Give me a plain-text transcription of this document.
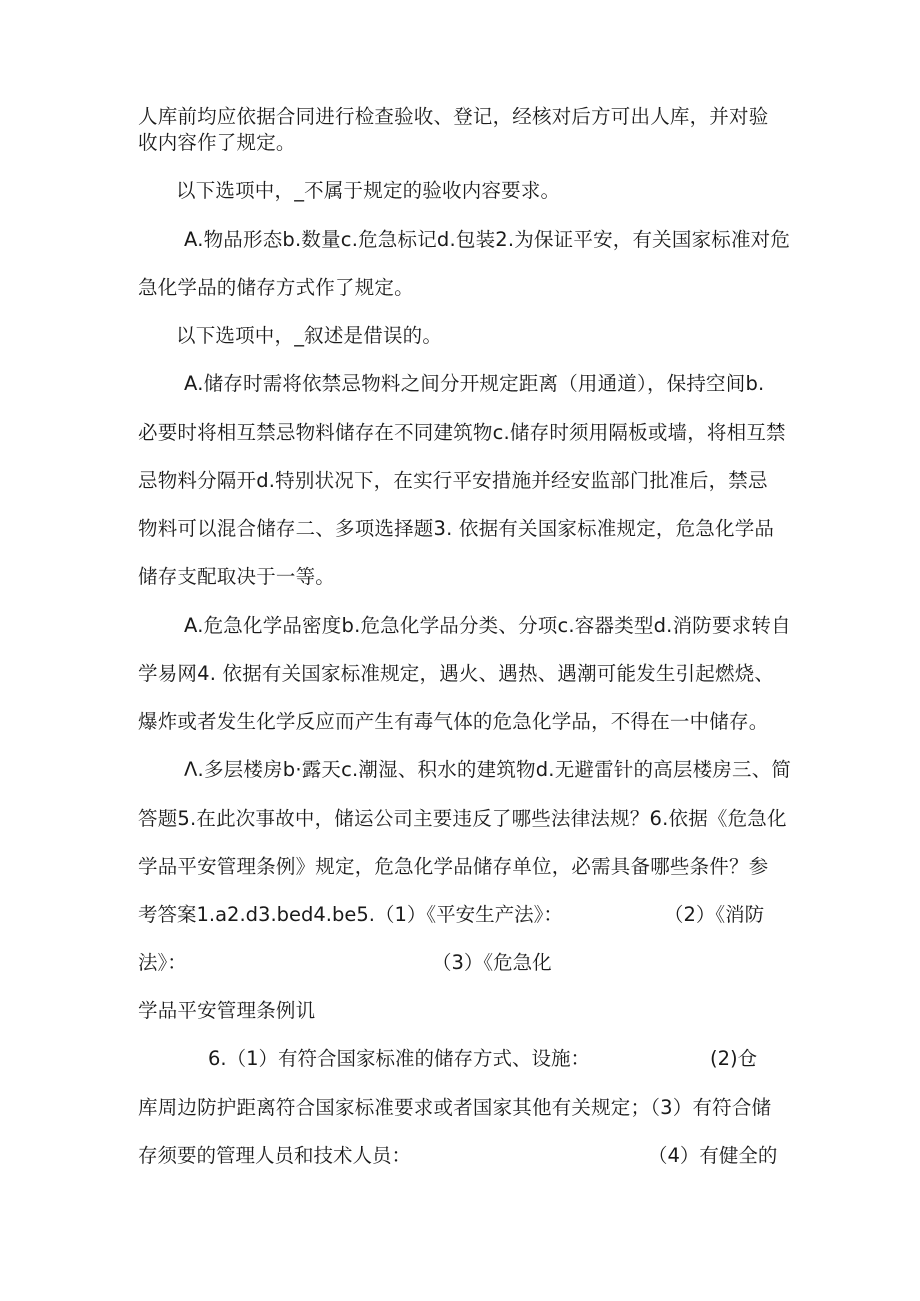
人库前均应依据合同进行检查验收、登记，经核对后方可出人库，并对验
收内容作了规定。
以下选项中，_不属于规定的验收内容要求。
A.物品形态b.数量c.危急标记d.包装2.为保证平安，有关国家标准对危
急化学品的储存方式作了规定。
以下选项中，_叙述是借误的。
A.储存时需将依禁忌物料之间分开规定距离（用通道），保持空间b.
必要时将相互禁忌物料储存在不同建筑物c.储存时须用隔板或墙，将相互禁
忌物料分隔开d.特别状况下，在实行平安措施并经安监部门批准后，禁忌
物料可以混合储存二、多项选择题3. 依据有关国家标准规定，危急化学品
储存支配取决于一等。
A.危急化学品密度b.危急化学品分类、分项c.容器类型d.消防要求转自
学易网4. 依据有关国家标准规定，遇火、遇热、遇潮可能发生引起燃烧、
爆炸或者发生化学反应而产生有毒气体的危急化学品，不得在一中储存。
Λ.多层楼房b·露天c.潮湿、积水的建筑物d.无避雷针的高层楼房三、简
答题5.在此次事故中，储运公司主要违反了哪些法律法规？6.依据《危急化
学品平安管理条例》规定，危急化学品储存单位，必需具备哪些条件？参
考答案1.a2.d3.bed4.be5.（1）《平安生产法》：	（2）《消防
法》：	（3）《危急化
学品平安管理条例讥
6.（1）有符合国家标准的储存方式、设施：	(2)仓
库周边防护距离符合国家标准要求或者国家其他有关规定；（3）有符合储
存须要的管理人员和技术人员：	（4）有健全的
